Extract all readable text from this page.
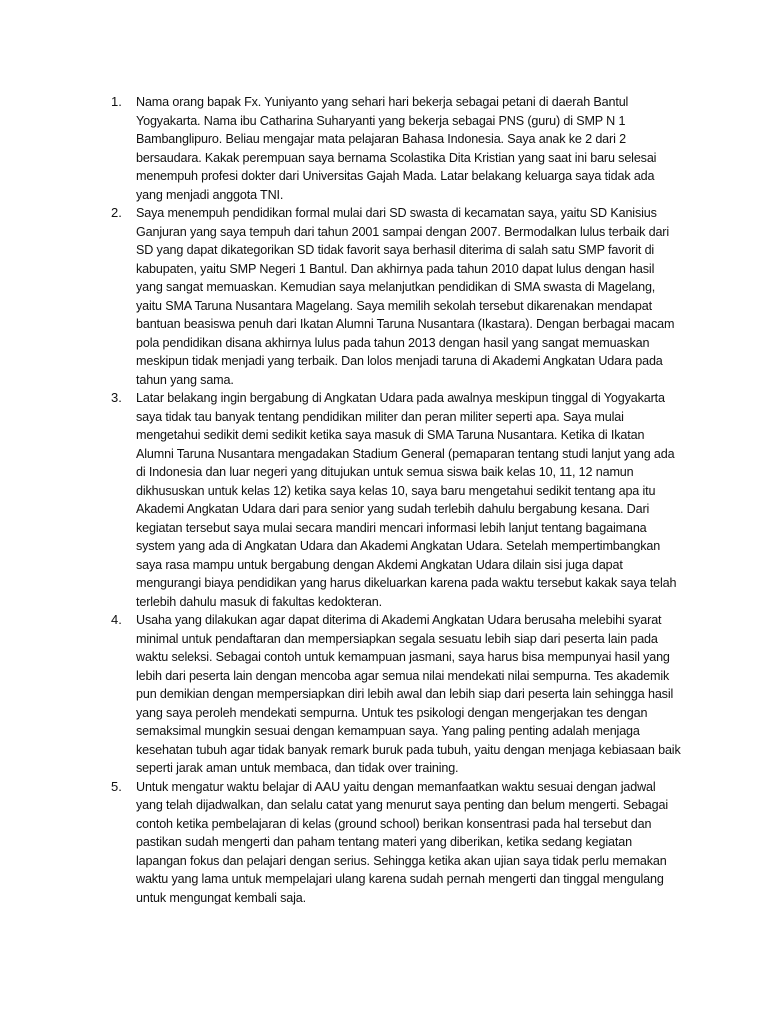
1. Nama orang bapak Fx. Yuniyanto yang sehari hari bekerja sebagai petani di daerah Bantul Yogyakarta. Nama ibu Catharina Suharyanti yang bekerja sebagai PNS (guru) di SMP N 1 Bambanglipuro. Beliau mengajar mata pelajaran Bahasa Indonesia. Saya anak ke 2 dari 2 bersaudara. Kakak perempuan saya bernama Scolastika Dita Kristian yang saat ini baru selesai menempuh profesi dokter dari Universitas Gajah Mada. Latar belakang keluarga saya tidak ada yang menjadi anggota TNI.
2. Saya menempuh pendidikan formal mulai dari SD swasta di kecamatan saya, yaitu SD Kanisius Ganjuran yang saya tempuh dari tahun 2001 sampai dengan 2007. Bermodalkan lulus terbaik dari SD yang dapat dikategorikan SD tidak favorit saya berhasil diterima di salah satu SMP favorit di kabupaten, yaitu SMP Negeri 1 Bantul. Dan akhirnya pada tahun 2010 dapat lulus dengan hasil yang sangat memuaskan. Kemudian saya melanjutkan pendidikan di SMA swasta di Magelang, yaitu SMA Taruna Nusantara Magelang. Saya memilih sekolah tersebut dikarenakan mendapat bantuan beasiswa penuh dari Ikatan Alumni Taruna Nusantara (Ikastara). Dengan berbagai macam pola pendidikan disana akhirnya lulus pada tahun 2013 dengan hasil yang sangat memuaskan meskipun tidak menjadi yang terbaik. Dan lolos menjadi taruna di Akademi Angkatan Udara pada tahun yang sama.
3. Latar belakang ingin bergabung di Angkatan Udara pada awalnya meskipun tinggal di Yogyakarta saya tidak tau banyak tentang pendidikan militer dan peran militer seperti apa. Saya mulai mengetahui sedikit demi sedikit ketika saya masuk di SMA Taruna Nusantara. Ketika di Ikatan Alumni Taruna Nusantara mengadakan Stadium General (pemaparan tentang studi lanjut yang ada di Indonesia dan luar negeri yang ditujukan untuk semua siswa baik kelas 10, 11, 12 namun dikhususkan untuk kelas 12) ketika saya kelas 10, saya baru mengetahui sedikit tentang apa itu Akademi Angkatan Udara dari para senior yang sudah terlebih dahulu bergabung kesana. Dari kegiatan tersebut saya mulai secara mandiri mencari informasi lebih lanjut tentang bagaimana system yang ada di Angkatan Udara dan Akademi Angkatan Udara. Setelah mempertimbangkan saya rasa mampu untuk bergabung dengan Akdemi Angkatan Udara dilain sisi juga dapat mengurangi biaya pendidikan yang harus dikeluarkan karena pada waktu tersebut kakak saya telah terlebih dahulu masuk di fakultas kedokteran.
4. Usaha yang dilakukan agar dapat diterima di Akademi Angkatan Udara berusaha melebihi syarat minimal untuk pendaftaran dan mempersiapkan segala sesuatu lebih siap dari peserta lain pada waktu seleksi. Sebagai contoh untuk kemampuan jasmani, saya harus bisa mempunyai hasil yang lebih dari peserta lain dengan mencoba agar semua nilai mendekati nilai sempurna. Tes akademik pun demikian dengan mempersiapkan diri lebih awal dan lebih siap dari peserta lain sehingga hasil yang saya peroleh mendekati sempurna. Untuk tes psikologi dengan mengerjakan tes dengan semaksimal mungkin sesuai dengan kemampuan saya. Yang paling penting adalah menjaga kesehatan tubuh agar tidak banyak remark buruk pada tubuh, yaitu dengan menjaga kebiasaan baik seperti jarak aman untuk membaca, dan tidak over training.
5. Untuk mengatur waktu belajar di AAU yaitu dengan memanfaatkan waktu sesuai dengan jadwal yang telah dijadwalkan, dan selalu catat yang menurut saya penting dan belum mengerti. Sebagai contoh ketika pembelajaran di kelas (ground school) berikan konsentrasi pada hal tersebut dan pastikan sudah mengerti dan paham tentang materi yang diberikan, ketika sedang kegiatan lapangan fokus dan pelajari dengan serius. Sehingga ketika akan ujian saya tidak perlu memakan waktu yang lama untuk mempelajari ulang karena sudah pernah mengerti dan tinggal mengulang untuk mengungat kembali saja.
